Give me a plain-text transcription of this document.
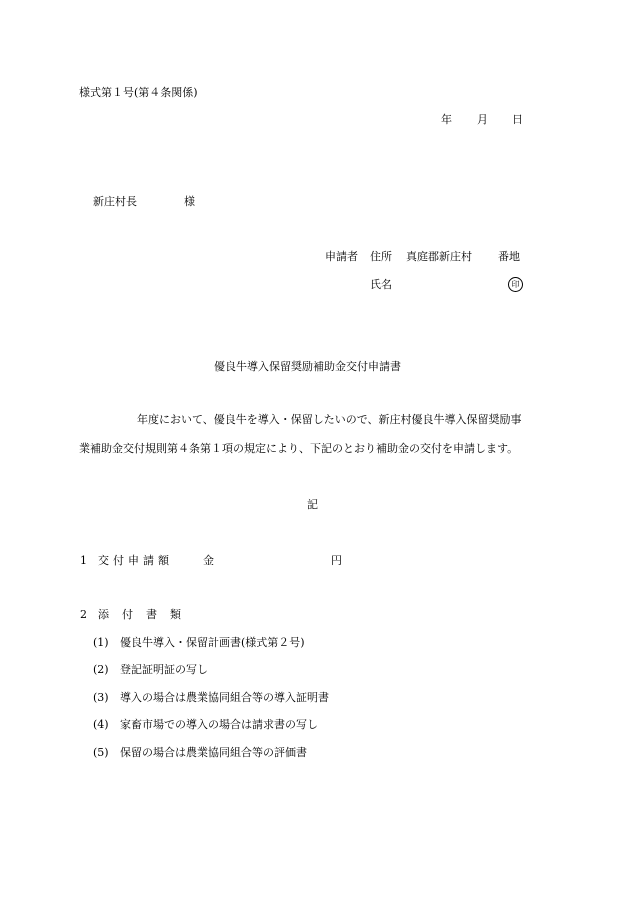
様式第１号(第４条関係)
年 月 日
新庄村長	様
申請者 住所 真庭郡新庄村 番地
氏名	印
優良牛導入保留奨励補助金交付申請書
年度において、優良牛を導入・保留したいので、新庄村優良牛導入保留奨励事
業補助金交付規則第４条第１項の規定により、下記のとおり補助金の交付を申請します。
記
1 交付申請額	金	円
2 添付書類
(1) 優良牛導入・保留計画書(様式第２号)
(2) 登記証明証の写し
(3) 導入の場合は農業協同組合等の導入証明書
(4) 家畜市場での導入の場合は請求書の写し
(5) 保留の場合は農業協同組合等の評価書
